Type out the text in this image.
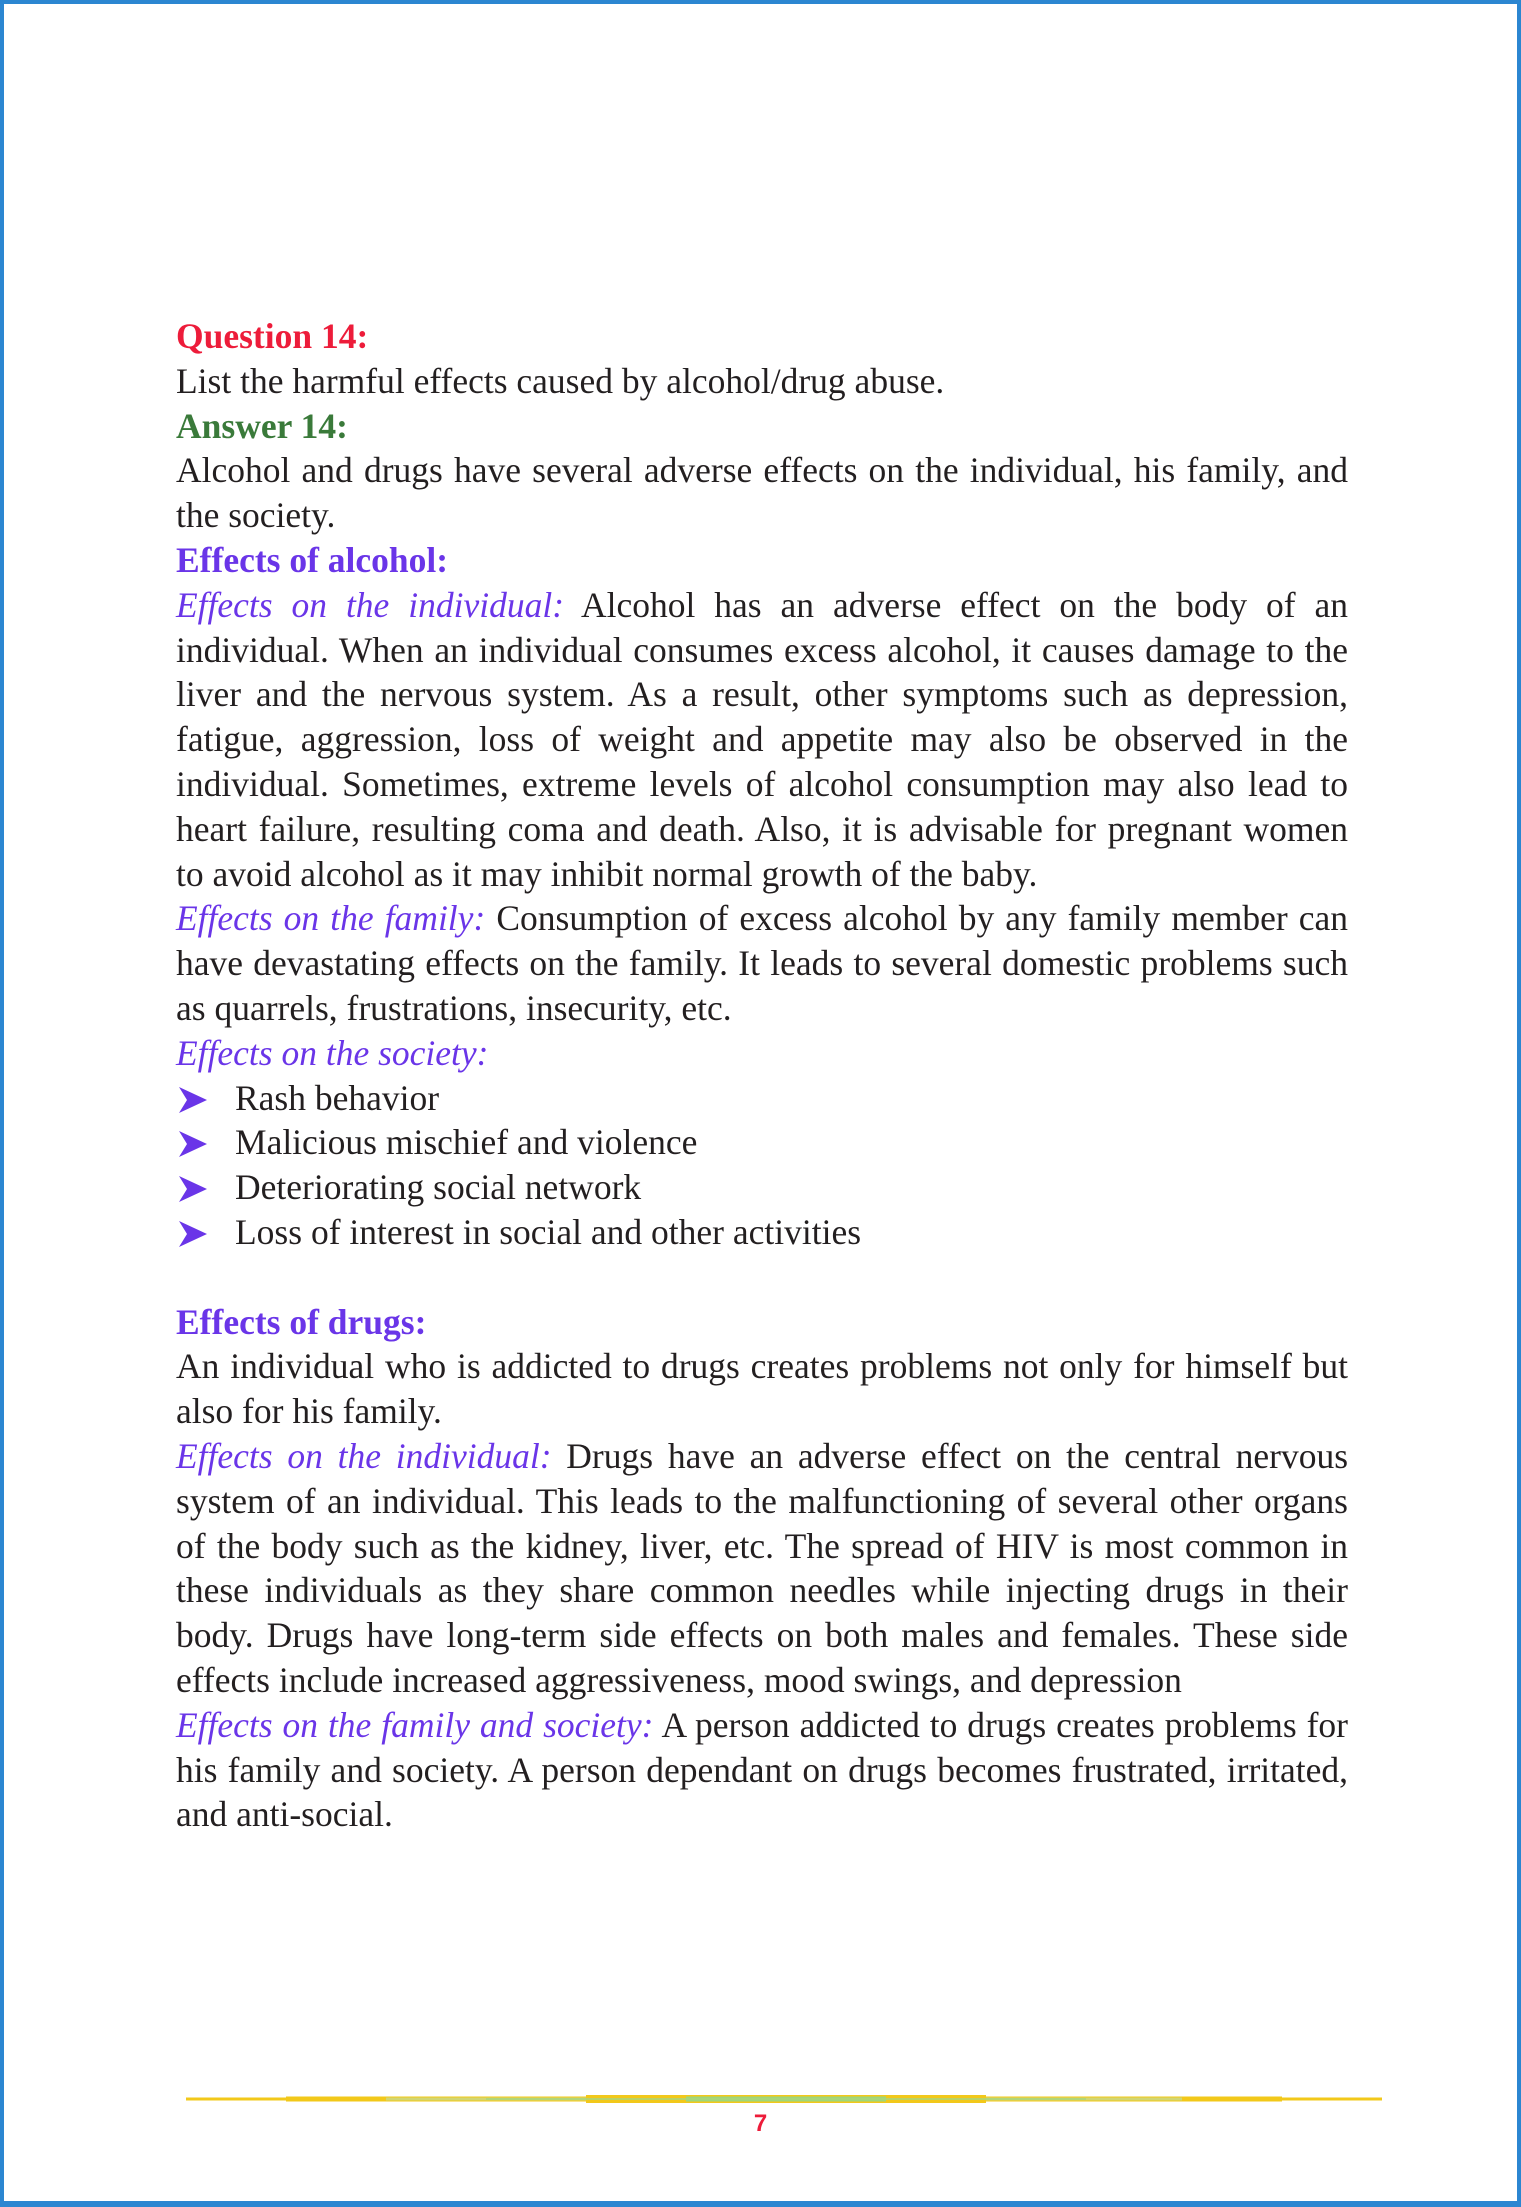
Question 14:

List the harmful effects caused by alcohol/drug abuse.

Answer 14:

Alcohol and drugs have several adverse effects on the individual, his family, and the society.

Effects of alcohol:

Effects on the individual: Alcohol has an adverse effect on the body of an individual. When an individual consumes excess alcohol, it causes damage to the liver and the nervous system. As a result, other symptoms such as depression, fatigue, aggression, loss of weight and appetite may also be observed in the individual. Sometimes, extreme levels of alcohol consumption may also lead to heart failure, resulting coma and death. Also, it is advisable for pregnant women to avoid alcohol as it may inhibit normal growth of the baby.

Effects on the family: Consumption of excess alcohol by any family member can have devastating effects on the family. It leads to several domestic problems such as quarrels, frustrations, insecurity, etc.

Effects on the society:

Rash behavior
Malicious mischief and violence
Deteriorating social network
Loss of interest in social and other activities

Effects of drugs:

An individual who is addicted to drugs creates problems not only for himself but also for his family.

Effects on the individual: Drugs have an adverse effect on the central nervous system of an individual. This leads to the malfunctioning of several other organs of the body such as the kidney, liver, etc. The spread of HIV is most common in these individuals as they share common needles while injecting drugs in their body. Drugs have long-term side effects on both males and females. These side effects include increased aggressiveness, mood swings, and depression

Effects on the family and society: A person addicted to drugs creates problems for his family and society. A person dependant on drugs becomes frustrated, irritated, and anti-social.

7
